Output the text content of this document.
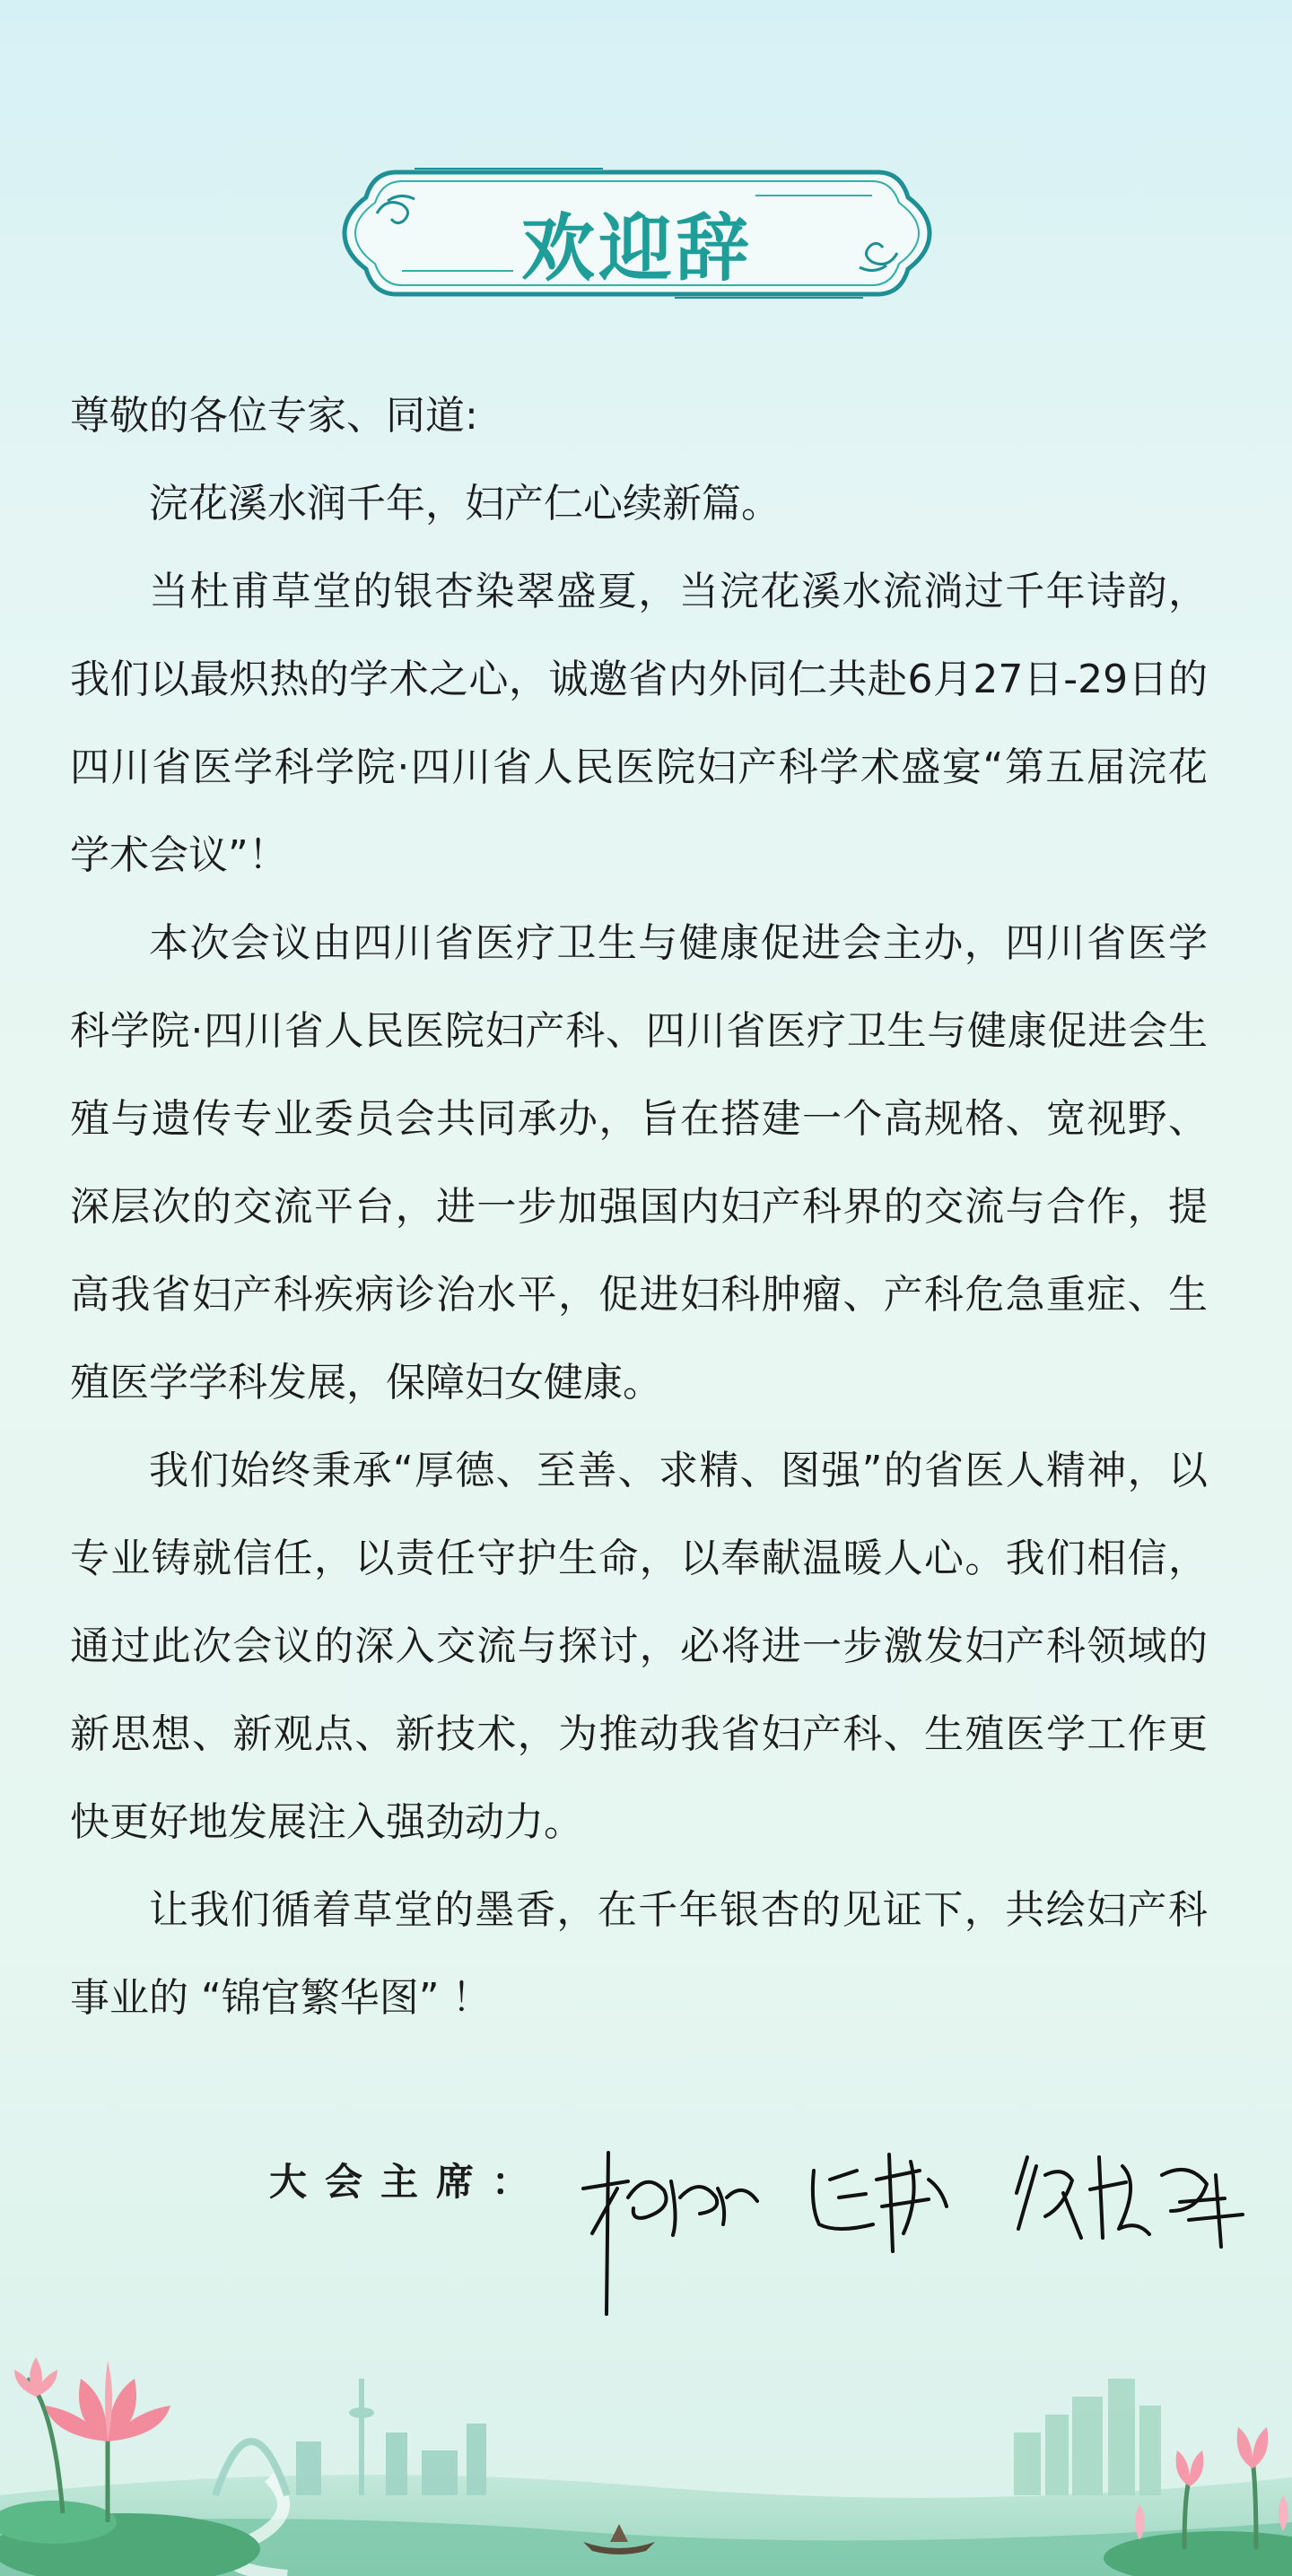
欢迎辞

尊敬的各位专家、同道:

浣花溪水润千年，妇产仁心续新篇。

当杜甫草堂的银杏染翠盛夏，当浣花溪水流淌过千年诗韵，我们以最炽热的学术之心，诚邀省内外同仁共赴6月27日-29日的四川省医学科学院·四川省人民医院妇产科学术盛宴“第五届浣花学术会议”！

本次会议由四川省医疗卫生与健康促进会主办，四川省医学科学院·四川省人民医院妇产科、四川省医疗卫生与健康促进会生殖与遗传专业委员会共同承办，旨在搭建一个高规格、宽视野、深层次的交流平台，进一步加强国内妇产科界的交流与合作，提高我省妇产科疾病诊治水平，促进妇科肿瘤、产科危急重症、生殖医学学科发展，保障妇女健康。

我们始终秉承“厚德、至善、求精、图强”的省医人精神，以专业铸就信任，以责任守护生命，以奉献温暖人心。我们相信，通过此次会议的深入交流与探讨，必将进一步激发妇产科领域的新思想、新观点、新技术，为推动我省妇产科、生殖医学工作更快更好地发展注入强劲动力。

让我们循着草堂的墨香，在千年银杏的见证下，共绘妇产科事业的 “锦官繁华图” ！

大会主席：
